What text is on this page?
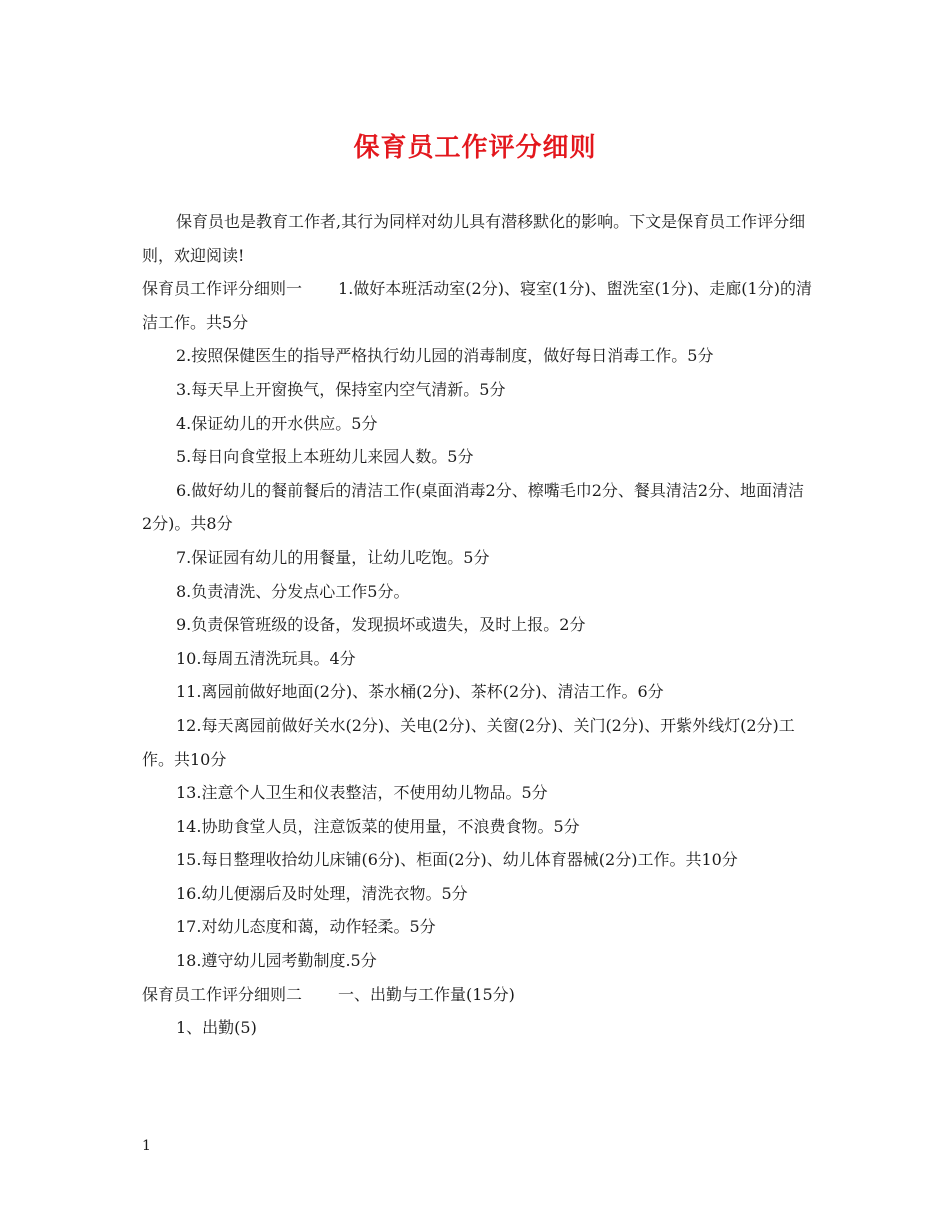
保育员工作评分细则

保育员也是教育工作者,其行为同样对幼儿具有潜移默化的影响。下文是保育员工作评分细则，欢迎阅读!

保育员工作评分细则一 1.做好本班活动室(2分)、寝室(1分)、盥洗室(1分)、走廊(1分)的清洁工作。共5分

2.按照保健医生的指导严格执行幼儿园的消毒制度，做好每日消毒工作。5分

3.每天早上开窗换气，保持室内空气清新。5分

4.保证幼儿的开水供应。5分

5.每日向食堂报上本班幼儿来园人数。5分

6.做好幼儿的餐前餐后的清洁工作(桌面消毒2分、檫嘴毛巾2分、餐具清洁2分、地面清洁2分)。共8分

7.保证园有幼儿的用餐量，让幼儿吃饱。5分

8.负责清洗、分发点心工作5分。

9.负责保管班级的设备，发现损坏或遗失，及时上报。2分

10.每周五清洗玩具。4分

11.离园前做好地面(2分)、茶水桶(2分)、茶杯(2分)、清洁工作。6分

12.每天离园前做好关水(2分)、关电(2分)、关窗(2分)、关门(2分)、开紫外线灯(2分)工作。共10分

13.注意个人卫生和仪表整洁，不使用幼儿物品。5分

14.协助食堂人员，注意饭菜的使用量，不浪费食物。5分

15.每日整理收拾幼儿床铺(6分)、柜面(2分)、幼儿体育器械(2分)工作。共10分

16.幼儿便溺后及时处理，清洗衣物。5分

17.对幼儿态度和蔼，动作轻柔。5分

18.遵守幼儿园考勤制度.5分

保育员工作评分细则二 一、出勤与工作量(15分)

1、出勤(5)

1
